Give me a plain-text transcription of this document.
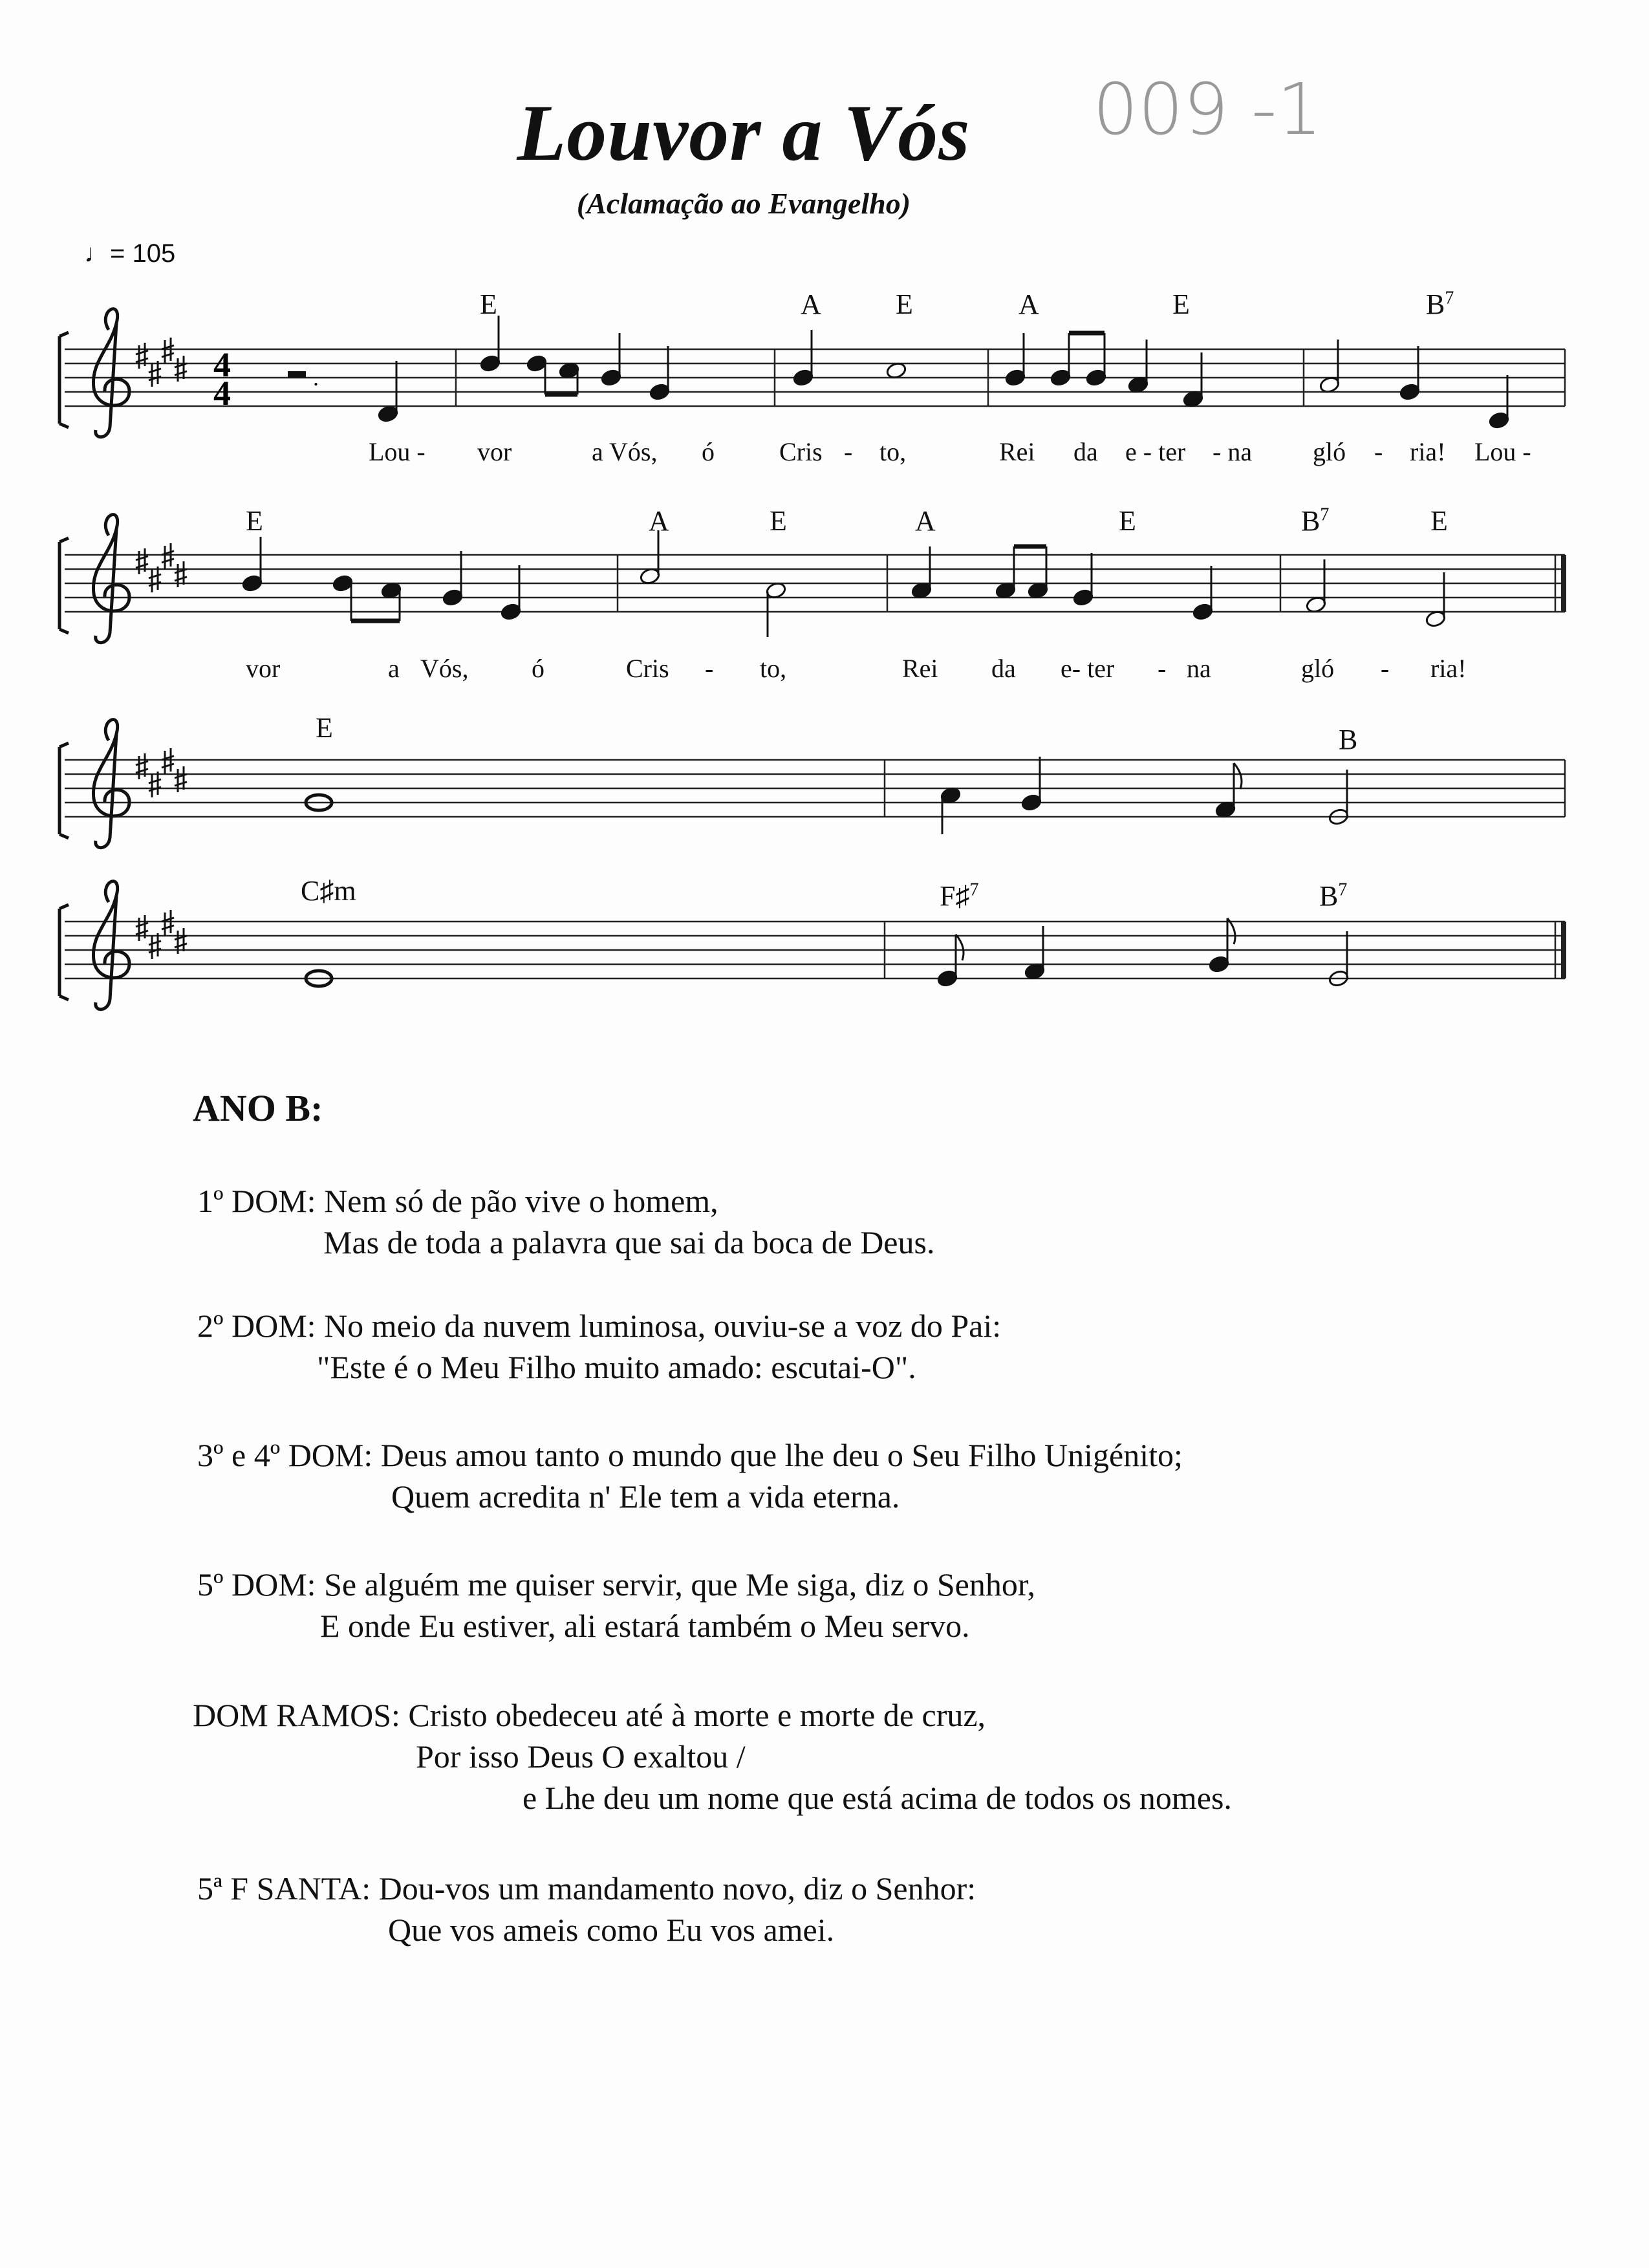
Louvor a Vós
(Aclamação ao Evangelho)
009 -1
♩= 105
4
4	.
E	A	E	A	E	$B^7$
Lou - vor	a Vós, ó	Cris - to,	Rei da e - ter - na gló - ria! Lou -
E	A	E	A	E	$B^7$	E
vor	a Vós, ó	Cris - to,	Rei da e- ter - na	gló - ria!
E	B
C♯m	F♯$^7$	$B^7$
ANO B:
1º DOM: Nem só de pão vive o homem,
Mas de toda a palavra que sai da boca de Deus.
2º DOM: No meio da nuvem luminosa, ouviu-se a voz do Pai:
"Este é o Meu Filho muito amado: escutai-O".
3º e 4º DOM: Deus amou tanto o mundo que lhe deu o Seu Filho Unigénito;
Quem acredita n' Ele tem a vida eterna.
5º DOM: Se alguém me quiser servir, que Me siga, diz o Senhor,
E onde Eu estiver, ali estará também o Meu servo.
DOM RAMOS: Cristo obedeceu até à morte e morte de cruz,
Por isso Deus O exaltou /
e Lhe deu um nome que está acima de todos os nomes.
5ª F SANTA: Dou-vos um mandamento novo, diz o Senhor:
Que vos ameis como Eu vos amei.
